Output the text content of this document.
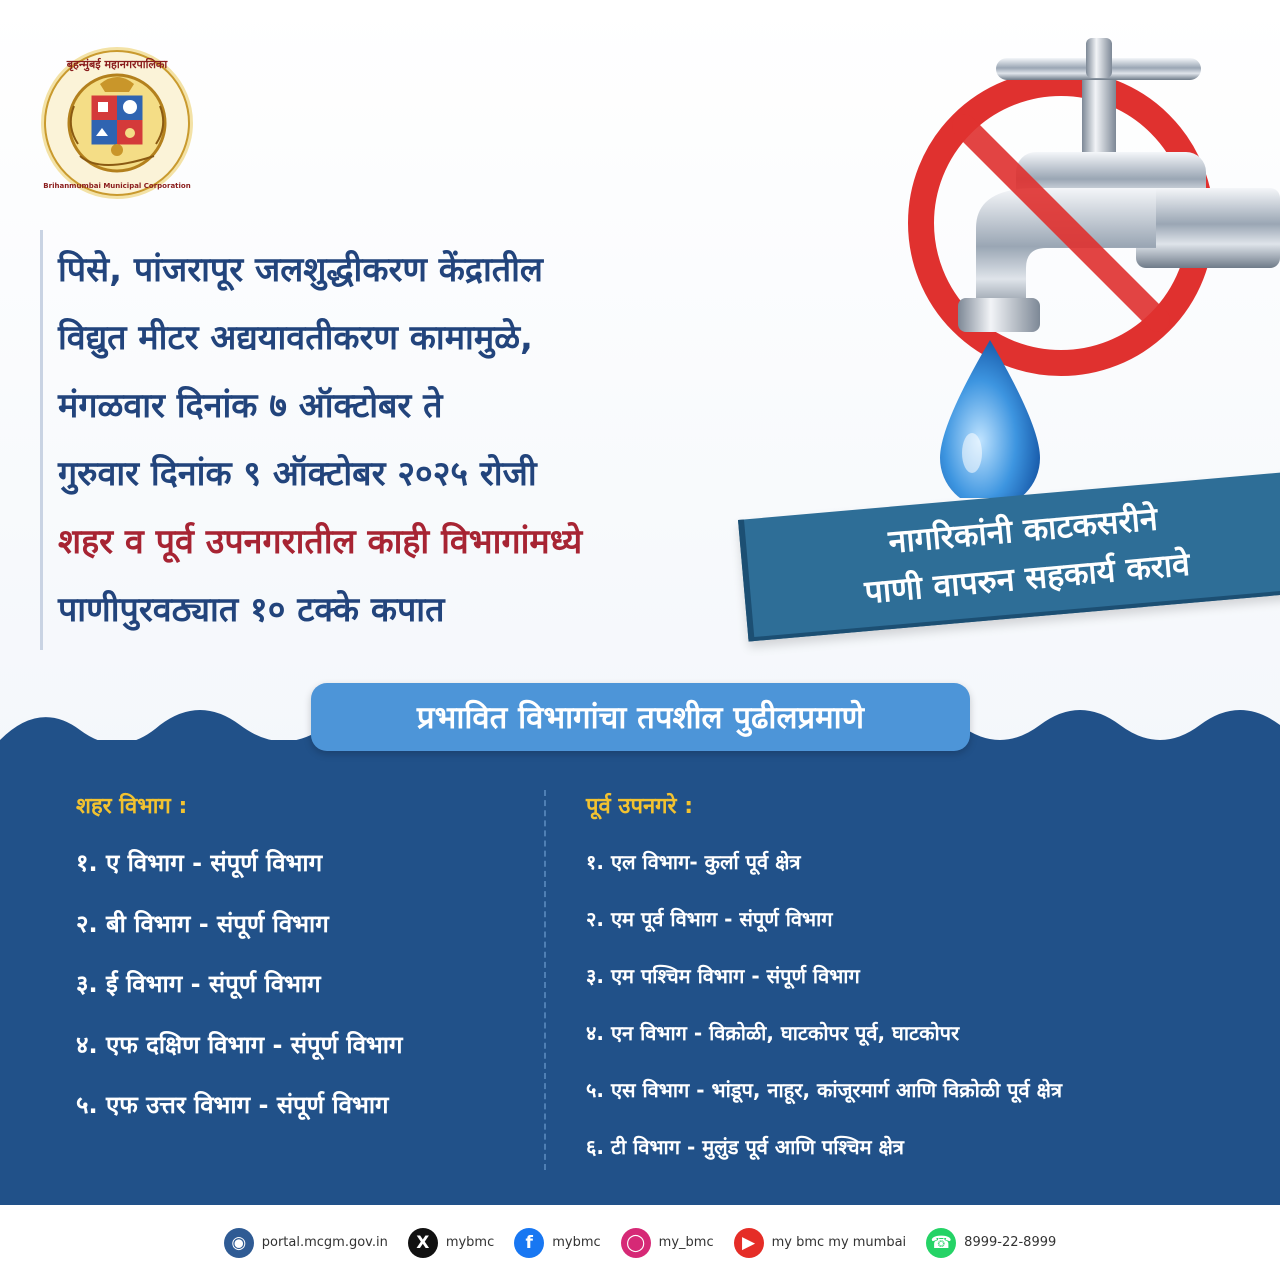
बृहन्मुंबई महानगरपालिका
Brihanmumbai Municipal Corporation
पिसे, पांजरापूर जलशुद्धीकरण केंद्रातील
विद्युत मीटर अद्ययावतीकरण कामामुळे,
मंगळवार दिनांक ७ ऑक्टोबर ते
गुरुवार दिनांक ९ ऑक्टोबर २०२५ रोजी
शहर व पूर्व उपनगरातील काही विभागांमध्ये
पाणीपुरवठ्यात १० टक्के कपात
नागरिकांनी काटकसरीने
पाणी वापरुन सहकार्य करावे
प्रभावित विभागांचा तपशील पुढीलप्रमाणे
शहर विभाग :
१. ए विभाग - संपूर्ण विभाग
२. बी विभाग - संपूर्ण विभाग
३. ई विभाग - संपूर्ण विभाग
४. एफ दक्षिण विभाग - संपूर्ण विभाग
५. एफ उत्तर विभाग - संपूर्ण विभाग
पूर्व उपनगरे :
१. एल विभाग- कुर्ला पूर्व क्षेत्र
२. एम पूर्व विभाग - संपूर्ण विभाग
३. एम पश्चिम विभाग - संपूर्ण विभाग
४. एन विभाग - विक्रोळी, घाटकोपर पूर्व, घाटकोपर
५. एस विभाग - भांडूप, नाहूर, कांजूरमार्ग आणि विक्रोळी पूर्व क्षेत्र
६. टी विभाग - मुलुंड पूर्व आणि पश्चिम क्षेत्र
◉	portal.mcgm.gov.in	X	mybmc	f	mybmc	◯	my_bmc	▶	my bmc my mumbai ☎ 8999-22-8999
